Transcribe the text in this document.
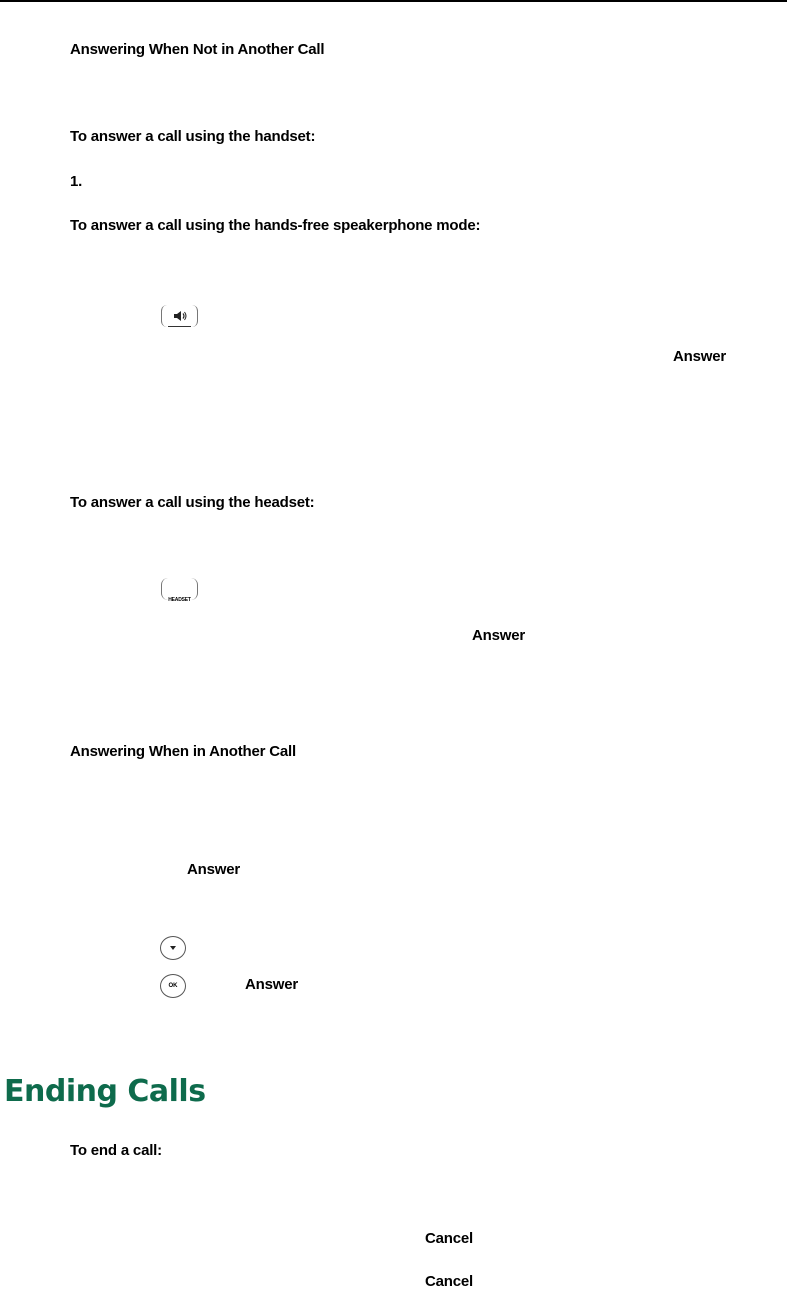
Answering When Not in Another Call
To answer a call using the handset:
1.
To answer a call using the hands-free speakerphone mode:
Answer
To answer a call using the headset:
HEADSET
Answer
Answering When in Another Call
Answer
OK	Answer
Ending Calls
To end a call:
Cancel
Cancel
